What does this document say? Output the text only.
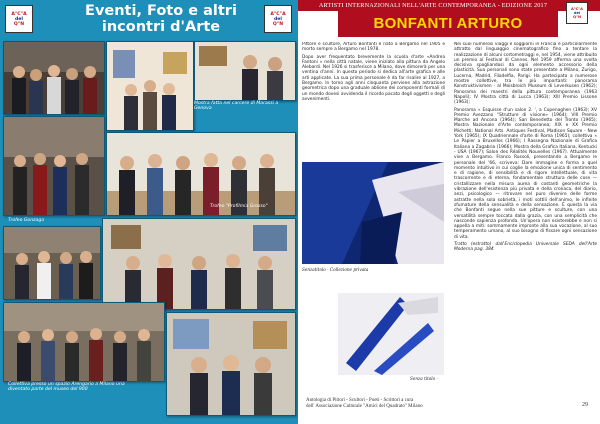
A"C"A
del
Q"N
Eventi, Foto e altri
incontri d'Arte
A"C"A
del
Q"N
Mostra fatta nel carcere di Marassi a Genova
Trofeo "Profilmia Grosso"
Trofeo Gonzaga
Collettiva presso un spazio Arengario a Milano una diventato parte del museo del 900
ARTISTI INTERNAZIONALI NELL'ARTE CONTEMPORANEA - EDIZIONE 2017	A"C"A
del
Q"N
BONFANTI ARTURO

Pittore e scultore, Arturo Bonfanti è nato a Bergamo nel 1905 e morto sempre a Bergamo nel 1978.

Dopo aver frequentato brevemente la scuola d'arte «Andrea Fantoni » nella città natale, viene iniziato alla pittura da Angelo Alebardi. Nel 1926 si trasferisce a Milano, dove dimorerà per una ventina d'anni. In questo periodo si dedica all'arte grafica e alle arti applicate. La sua prima personale è da far risalire al 1927, a Bergamo. In torno agli anni cinquanta perviene alla astrazione geometrica dopo una graduale ablione dei componenti formali di un mondo dovesi avvidenda il ricordo pacato degli oggetti e degli avvenimenti.

Senzatitolo - Collezione privata
Senza titolo -

Nei suoi numerosi viaggi e soggiorni in Francia è particolarmente attratto dal linguaggio cinematografico fino a tentare la realizzazione di alcuni cortometraggi e, nel 1954, viene attribuito un premio al Festival di Cannes. Nel 1959 afferma una svolta decisiva spogliandosi da ogni elemento accessorio della plasticità. Sua personali sono state presentate a Milano, Zurigo, Lucerna, Madrid, Filadelfia, Parigi. Ha partecipato a numerose mostre collettive, tra le più importanti: panorama Konstruktivismen - al Moisbroich Museum di Leverkusen (1962); Panorama dei maestri della pittura contemporanea (1963 Napoli); IV Mostra città di Lucca (1963); XIII Premio Lissone (1963);

Panorama « Esquisse d'un salon 2. ', a Copenaghen (1963); XV Premio Avezzano "Strutture di visione» (1964); VIII Premio Marche ad Ancona (1964); San Benedetto del Tronto (1965); Mostra Nazionale d'Arte contemporanea; XIX e XX Premio Michetti; National Arts. Antiques Festival, Madison Square - New York (1965); IX Quadriennale d'arte di Roma (1965); collettiva « Le Papier a Bruxelles (1966); I Rassegna Nazionale di Grafica Italiana a Zagabria (1966); Mostra della Grafica Italiana, Kentucki - USA (1967); Salon des Réalités Nouvelles (1967). Attualmente vive a Bergamo. Franco Russoli, presentando a Bergamo le personale del '66, scriveva: Dare immagine e forma a quel momento intuitivo in cui coglie la emozione unica di sentimento e di ragione, di sensibilità e di rigore intellettuale, di vita trascorrente e di eterna, fondamentale struttura delle cose — cristallizzare nella misura aurea di costanti geometriche la vibrazione dell'esistenza più privata e della cronaca, del diario, anzi, psicologico — ritrovare nel puro divenire delle forme astratte nella sola sobrietà, i moti sottili dell'animo, le infinite sfumature della sensualità e della sensazione. È questa la via che Bonfanti segue nella sue pitture e sculture, con una versatilità sempre toccata dalla grazia, con una semplicità che nasconde sapienza profonda. Un'opera non esisterebbe e non si appella a miti: sommamente impronte alla sua vocazione, al suo temperamento umano, al suo bisogno di fissare ogni sensazione di vita.

Tratto (estratto) dall'Enciclopedia Universale SEDA dell'Arte Moderna pag. 384

Antologia di Pittori - Scultori - Poeti - Scrittori a cura
dell' Associazione Culturale "Amici del Quadrato" Milano	29
